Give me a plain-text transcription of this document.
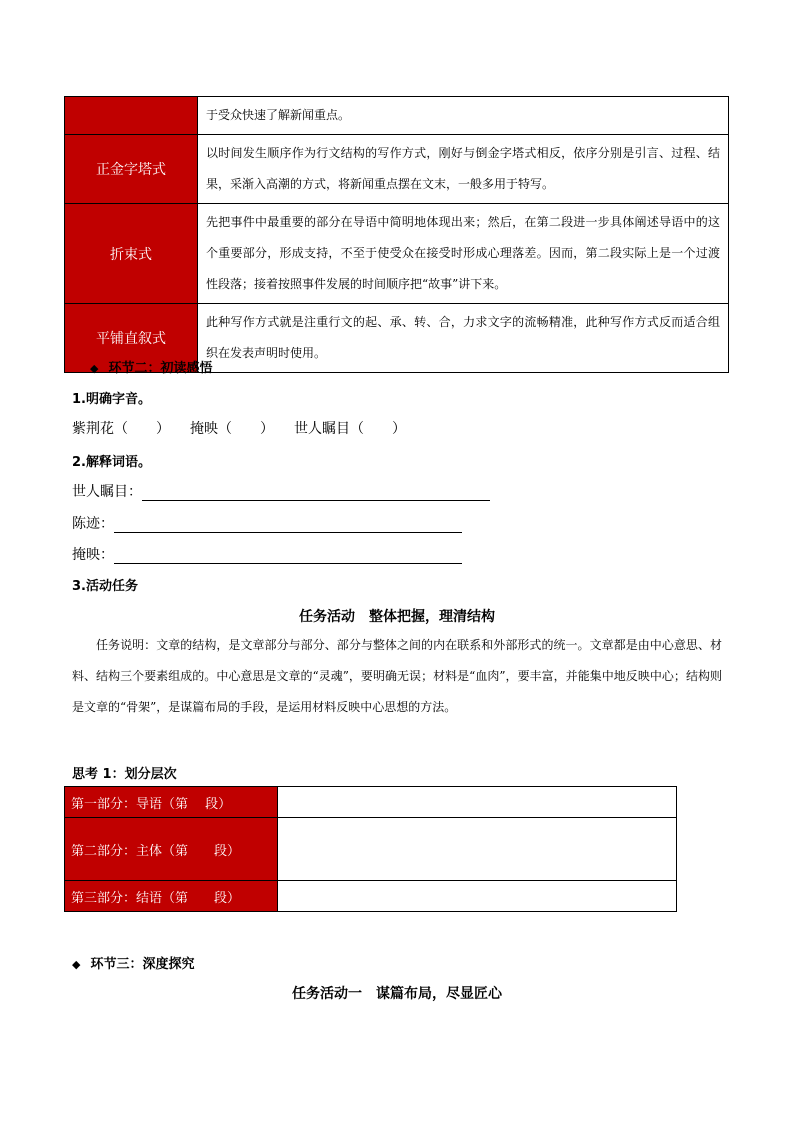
	于受众快速了解新闻重点。
正金字塔式	以时间发生顺序作为行文结构的写作方式，刚好与倒金字塔式相反，依序分别是引言、过程、结果，采渐入高潮的方式，将新闻重点摆在文末，一般多用于特写。
折束式	先把事件中最重要的部分在导语中简明地体现出来；然后，在第二段进一步具体阐述导语中的这个重要部分，形成支持，不至于使受众在接受时形成心理落差。因而，第二段实际上是一个过渡性段落；接着按照事件发展的时间顺序把“故事”讲下来。
平铺直叙式	此种写作方式就是注重行文的起、承、转、合，力求文字的流畅精准，此种写作方式反而适合组织在发表声明时使用。
◆ 环节二：初读感悟
1.明确字音。
紫荆花（　　） 掩映（　　） 世人瞩目（　　）
2.解释词语。
世人瞩目：
陈迹：
掩映：
3.活动任务
任务活动　整体把握，理清结构
任务说明：文章的结构，是文章部分与部分、部分与整体之间的内在联系和外部形式的统一。文章都是由中心意思、材料、结构三个要素组成的。中心意思是文章的“灵魂”，要明确无误；材料是“血肉”，要丰富，并能集中地反映中心；结构则是文章的“骨架”，是谋篇布局的手段，是运用材料反映中心思想的方法。
思考 1：划分层次
第一部分：导语（第　 段）	
第二部分：主体（第　　段）	
第三部分：结语（第　　段）	
◆ 环节三：深度探究
任务活动一　谋篇布局，尽显匠心
